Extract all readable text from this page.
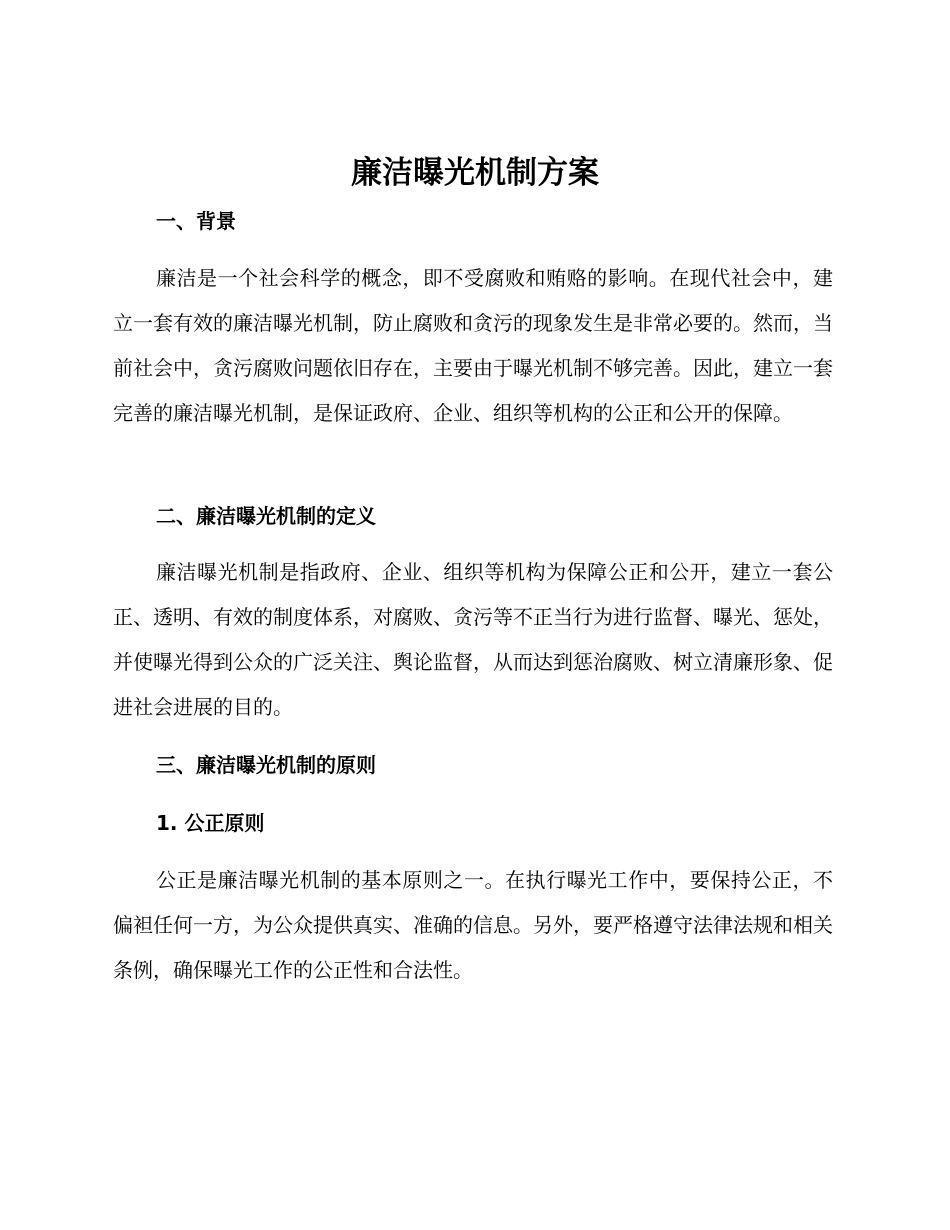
廉洁曝光机制方案
一、背景

廉洁是一个社会科学的概念，即不受腐败和贿赂的影响。在现代社会中，建立一套有效的廉洁曝光机制，防止腐败和贪污的现象发生是非常必要的。然而，当前社会中，贪污腐败问题依旧存在，主要由于曝光机制不够完善。因此，建立一套完善的廉洁曝光机制，是保证政府、企业、组织等机构的公正和公开的保障。

二、廉洁曝光机制的定义

廉洁曝光机制是指政府、企业、组织等机构为保障公正和公开，建立一套公正、透明、有效的制度体系，对腐败、贪污等不正当行为进行监督、曝光、惩处，并使曝光得到公众的广泛关注、舆论监督，从而达到惩治腐败、树立清廉形象、促进社会进展的目的。

三、廉洁曝光机制的原则
1. 公正原则

公正是廉洁曝光机制的基本原则之一。在执行曝光工作中，要保持公正，不偏袒任何一方，为公众提供真实、准确的信息。另外，要严格遵守法律法规和相关条例，确保曝光工作的公正性和合法性。
